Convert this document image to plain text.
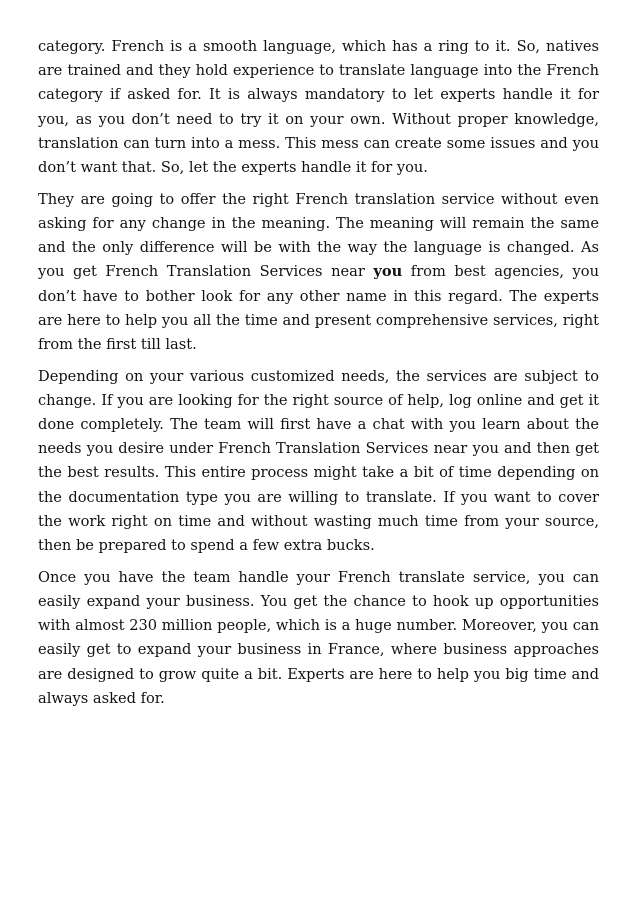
category. French is a smooth language, which has a ring to it. So, natives are trained and they hold experience to translate language into the French category if asked for. It is always mandatory to let experts handle it for you, as you don’t need to try it on your own. Without proper knowledge, translation can turn into a mess. This mess can create some issues and you don’t want that. So, let the experts handle it for you.

They are going to offer the right French translation service without even asking for any change in the meaning. The meaning will remain the same and the only difference will be with the way the language is changed. As you get French Translation Services near you from best agencies, you don’t have to bother look for any other name in this regard. The experts are here to help you all the time and present comprehensive services, right from the first till last.

Depending on your various customized needs, the services are subject to change. If you are looking for the right source of help, log online and get it done completely. The team will first have a chat with you learn about the needs you desire under French Translation Services near you and then get the best results. This entire process might take a bit of time depending on the documentation type you are willing to translate. If you want to cover the work right on time and without wasting much time from your source, then be prepared to spend a few extra bucks.

Once you have the team handle your French translate service, you can easily expand your business. You get the chance to hook up opportunities with almost 230 million people, which is a huge number. Moreover, you can easily get to expand your business in France, where business approaches are designed to grow quite a bit. Experts are here to help you big time and always asked for.
